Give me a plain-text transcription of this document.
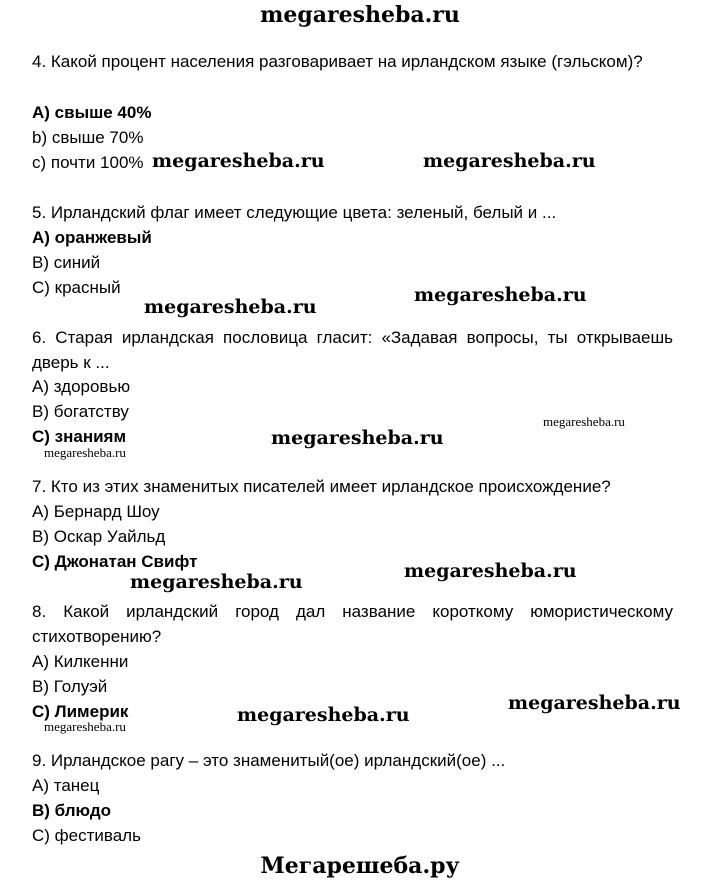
megaresheba.ru
4. Какой процент населения разговаривает на ирландском языке (гэльском)?
А) свыше 40%
b) свыше 70%
c) почти 100%
5. Ирландский флаг имеет следующие цвета: зеленый, белый и ...
А) оранжевый
B) синий
C) красный
6. Старая ирландская пословица гласит: «Задавая вопросы, ты открываешь дверь к ...
А) здоровью
B) богатству
C) знаниям
7. Кто из этих знаменитых писателей имеет ирландское происхождение?
А) Бернард Шоу
B) Оскар Уайльд
C) Джонатан Свифт
8. Какой ирландский город дал название короткому юмористическому стихотворению?
А) Килкенни
B) Голуэй
C) Лимерик
9. Ирландское рагу – это знаменитый(ое) ирландский(ое) ...
А) танец
B) блюдо
C) фестиваль
megaresheba.ru	megaresheba.ru
megaresheba.ru
megaresheba.ru
megaresheba.ru
megaresheba.ru
megaresheba.ru
megaresheba.ru	megaresheba.ru
megaresheba.ru
megaresheba.ru
megaresheba.ru
Мегарешеба.ру
